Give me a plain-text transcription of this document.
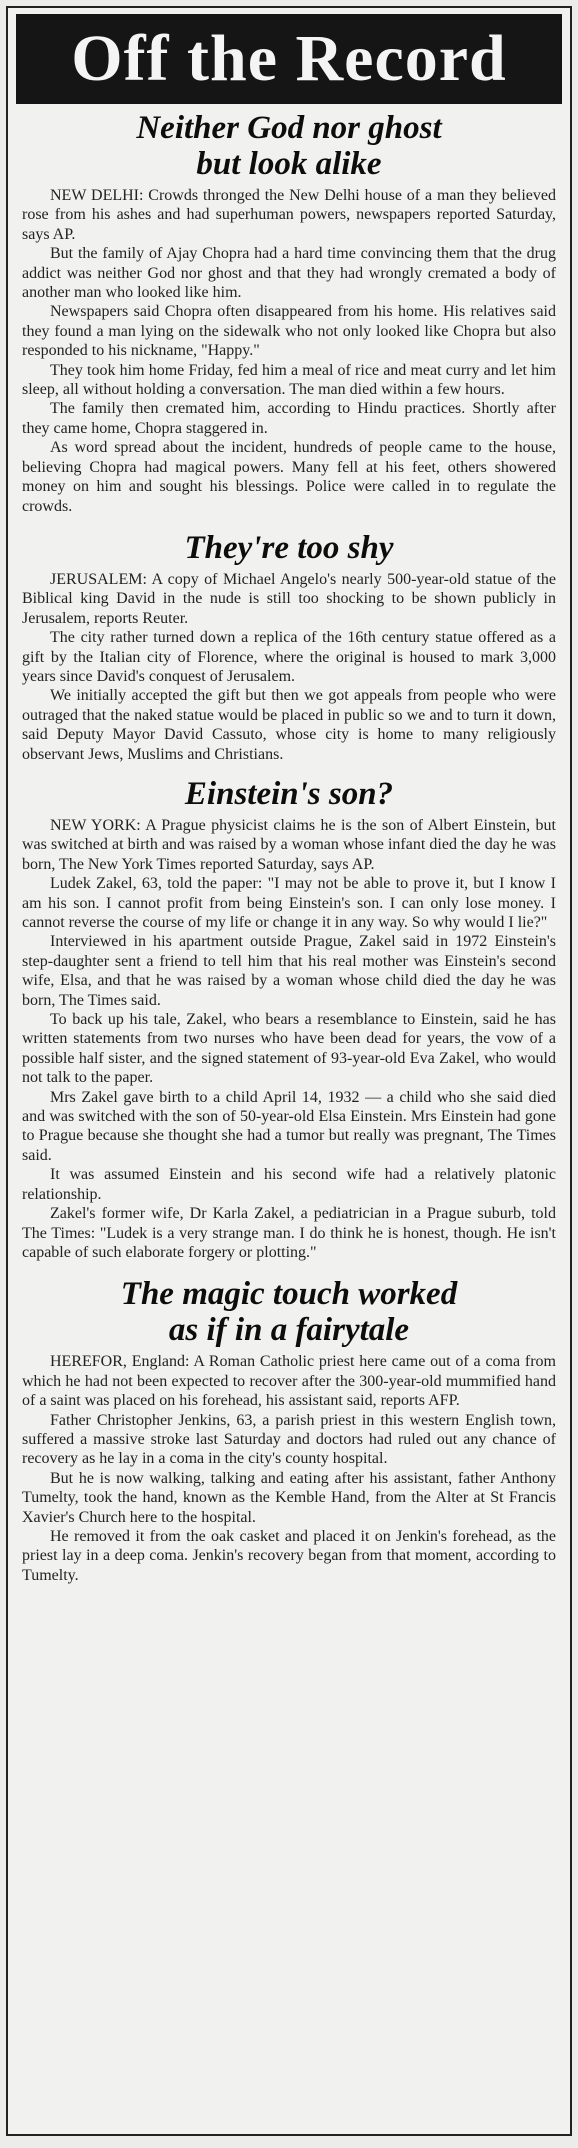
Off the Record
Neither God nor ghost
but look alike

NEW DELHI: Crowds thronged the New Delhi house of a man they believed rose from his ashes and had superhuman powers, newspapers reported Saturday, says AP.

But the family of Ajay Chopra had a hard time convincing them that the drug addict was neither God nor ghost and that they had wrongly cremated a body of another man who looked like him.

Newspapers said Chopra often disappeared from his home. His relatives said they found a man lying on the sidewalk who not only looked like Chopra but also responded to his nickname, "Happy."

They took him home Friday, fed him a meal of rice and meat curry and let him sleep, all without holding a conversation. The man died within a few hours.

The family then cremated him, according to Hindu practices. Shortly after they came home, Chopra staggered in.

As word spread about the incident, hundreds of people came to the house, believing Chopra had magical powers. Many fell at his feet, others showered money on him and sought his blessings. Police were called in to regulate the crowds.

They're too shy

JERUSALEM: A copy of Michael Angelo's nearly 500-year-old statue of the Biblical king David in the nude is still too shocking to be shown publicly in Jerusalem, reports Reuter.

The city rather turned down a replica of the 16th century statue offered as a gift by the Italian city of Florence, where the original is housed to mark 3,000 years since David's conquest of Jerusalem.

We initially accepted the gift but then we got appeals from people who were outraged that the naked statue would be placed in public so we and to turn it down, said Deputy Mayor David Cassuto, whose city is home to many religiously observant Jews, Muslims and Christians.

Einstein's son?

NEW YORK: A Prague physicist claims he is the son of Albert Einstein, but was switched at birth and was raised by a woman whose infant died the day he was born, The New York Times reported Saturday, says AP.

Ludek Zakel, 63, told the paper: "I may not be able to prove it, but I know I am his son. I cannot profit from being Einstein's son. I can only lose money. I cannot reverse the course of my life or change it in any way. So why would I lie?"

Interviewed in his apartment outside Prague, Zakel said in 1972 Einstein's step-daughter sent a friend to tell him that his real mother was Einstein's second wife, Elsa, and that he was raised by a woman whose child died the day he was born, The Times said.

To back up his tale, Zakel, who bears a resemblance to Einstein, said he has written statements from two nurses who have been dead for years, the vow of a possible half sister, and the signed statement of 93-year-old Eva Zakel, who would not talk to the paper.

Mrs Zakel gave birth to a child April 14, 1932 — a child who she said died and was switched with the son of 50-year-old Elsa Einstein. Mrs Einstein had gone to Prague because she thought she had a tumor but really was pregnant, The Times said.

It was assumed Einstein and his second wife had a relatively platonic relationship.

Zakel's former wife, Dr Karla Zakel, a pediatrician in a Prague suburb, told The Times: "Ludek is a very strange man. I do think he is honest, though. He isn't capable of such elaborate forgery or plotting."

The magic touch worked
as if in a fairytale

HEREFOR, England: A Roman Catholic priest here came out of a coma from which he had not been expected to recover after the 300-year-old mummified hand of a saint was placed on his forehead, his assistant said, reports AFP.

Father Christopher Jenkins, 63, a parish priest in this western English town, suffered a massive stroke last Saturday and doctors had ruled out any chance of recovery as he lay in a coma in the city's county hospital.

But he is now walking, talking and eating after his assistant, father Anthony Tumelty, took the hand, known as the Kemble Hand, from the Alter at St Francis Xavier's Church here to the hospital.

He removed it from the oak casket and placed it on Jenkin's forehead, as the priest lay in a deep coma. Jenkin's recovery began from that moment, according to Tumelty.
